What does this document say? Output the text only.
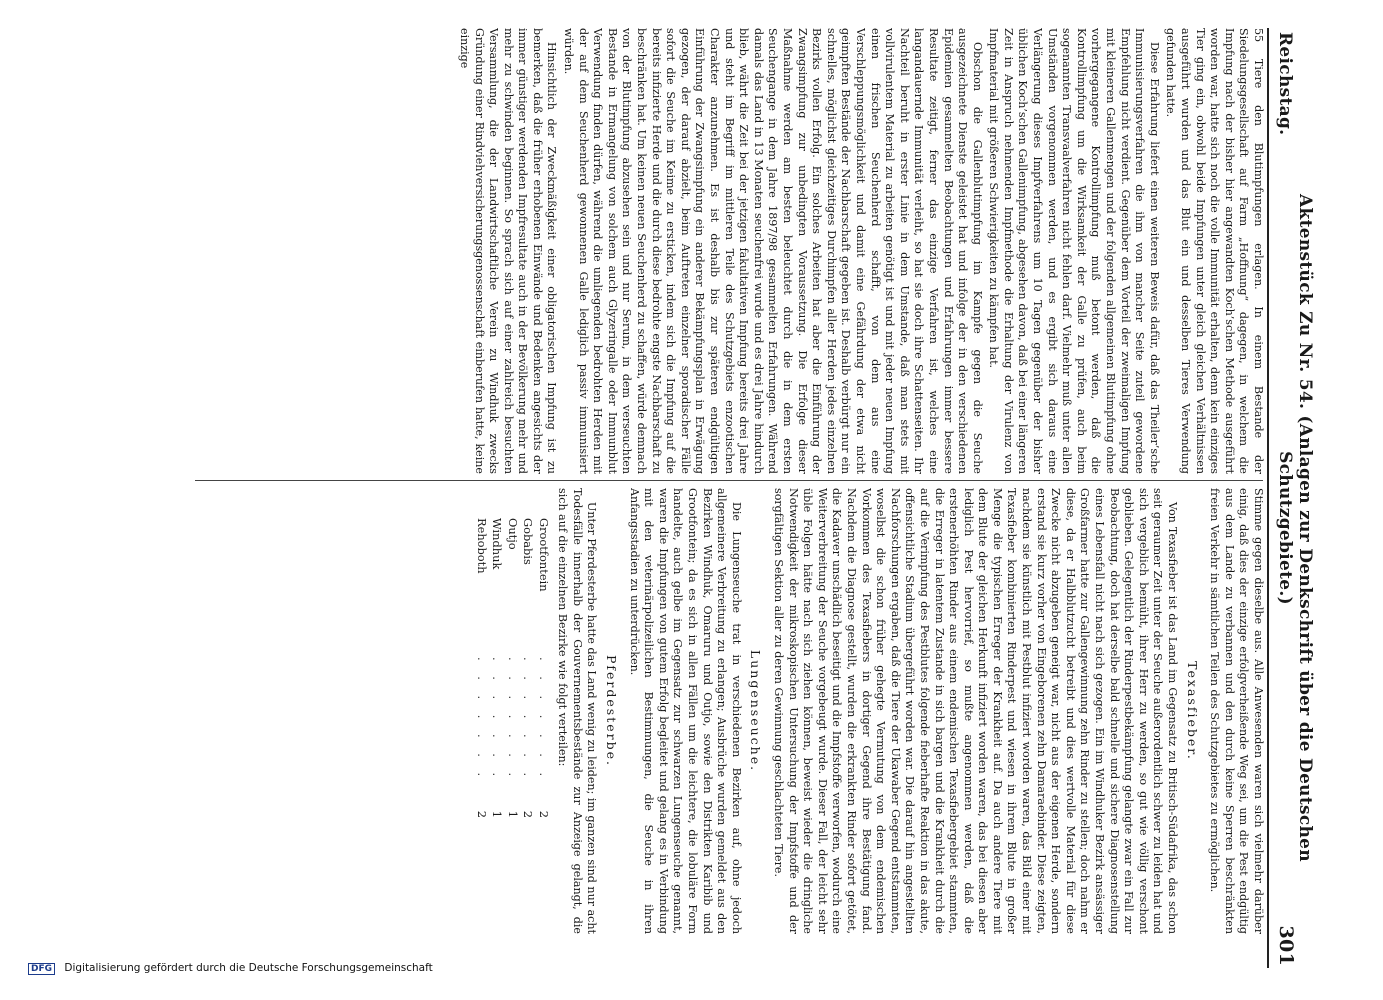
Reichstag.
Aktenstück Zu Nr. 54. (Anlagen zur Denkschrift über die Deutschen Schutzgebiete.)
301

55 Tiere den Blutimpfungen erlagen. In einem Bestande der Siedelungsgesellschaft auf Farm „Hoffnung“ dagegen, in welchem die Impfung nach der bisher hier angewandten Koch’schen Methode ausgeführt worden war, hatte sich noch die volle Immunität erhalten, denn kein einziges Tier ging ein, obwohl beide Impfungen unter gleich gleichen Verhältnissen ausgeführt wurden und das Blut ein und desselben Tieres Verwendung gefunden hatte.

Diese Erfahrung liefert einen weiteren Beweis dafür, daß das Theiler’sche Immunisierungsverfahren die ihm von mancher Seite zuteil gewordene Empfehlung nicht verdient. Gegenüber dem Vorteil der zweimaligen Impfung mit kleineren Gallenmengen und der folgenden allgemeinen Blutimpfung ohne vorhergegangene Kontrollimpfung muß betont werden, daß die Kontrollimpfung um die Wirksamkeit der Galle zu prüfen, auch beim sogenannten Transvaalverfahren nicht fehlen darf. Vielmehr muß unter allen Umständen vorgenommen werden, und es ergibt sich daraus eine Verlängerung dieses Impfverfahrens um 10 Tagen gegenüber der bisher üblichen Koch’schen Gallenimpfung, abgesehen davon, daß bei einer längeren Zeit in Anspruch nehmenden Impfmethode die Erhaltung der Virulenz von Impfmaterial mit größeren Schwierigkeiten zu kämpfen hat.

Obschon die Gallenblutimpfung im Kampfe gegen die Seuche ausgezeichnete Dienste geleistet hat und infolge der in den verschiedenen Epidemien gesammelten Beobachtungen und Erfahrungen immer bessere Resultate zeitigt, ferner das einzige Verfahren ist, welches eine langandauernde Immunität verleiht, so hat sie doch ihre Schattenseiten. Ihr Nachteil beruht in erster Linie in dem Umstande, daß man stets mit vollvirulentem Material zu arbeiten genötigt ist und mit jeder neuen Impfung einen frischen Seuchenherd schafft, von dem aus eine Verschleppungsmöglichkeit und damit eine Gefährdung der etwa nicht geimpften Bestände der Nachbarschaft gegeben ist. Deshalb verbürgt nur ein schnelles, möglichst gleichzeitiges Durchimpfen aller Herden jedes einzelnen Bezirks vollen Erfolg. Ein solches Arbeiten hat aber die Einführung der Zwangsimpfung zur unbedingten Voraussetzung. Die Erfolge dieser Maßnahme werden am besten beleuchtet durch die in dem ersten Seuchengange in dem Jahre 1897/98 gesammelten Erfahrungen. Während damals das Land in 13 Monaten seuchenfrei wurde und es drei Jahre hindurch blieb, währt die Zeit bei der jetzigen fakultativen Impfung bereits drei Jahre und steht im Begriff im mittleren Teile des Schutzgebiets enzootischen Charakter anzunehmen. Es ist deshalb bis zur späteren endgültigen Einführung der Zwangsimpfung ein anderer Bekämpfungsplan in Erwägung gezogen, der darauf abzielt, beim Auftreten einzelner sporadischer Fälle sofort die Seuche im Keime zu ersticken, indem sich die Impfung auf die bereits infizierte Herde und die durch diese bedrohte engste Nachbarschaft zu beschränken hat. Um keinen neuen Seuchenherd zu schaffen, würde demnach von der Blutimpfung abzusehen sein und nur Serum, in dem verseuchten Bestande in Ermangelung von solchem auch Glyzeringalle oder Immunblut Verwendung finden dürfen, während die umliegenden bedrohten Herden mit der auf dem Seuchenherd gewonnenen Galle lediglich passiv immunisiert würden.

Hinsichtlich der Zweckmäßigkeit einer obligatorischen Impfung ist zu bemerken, daß die früher erhobenen Einwände und Bedenken angesichts der immer günstiger werdenden Impfresultate auch in der Bevölkerung mehr und mehr zu schwinden beginnen. So sprach sich auf einer zahlreich besuchten Versammlung, die der Landwirtschaftliche Verein zu Windhuk zwecks Gründung einer Rindviehversicherungsgenossenschaft einberufen hatte, keine einzige

Stimme gegen dieselbe aus. Alle Anwesenden waren sich vielmehr darüber einig, daß dies der einzige erfolgverheißende Weg sei, um die Pest endgültig aus dem Lande zu verbannen und den durch keine Sperren beschränkten freien Verkehr in sämtlichen Teilen des Schutzgebietes zu ermöglichen.

Texasfieber.

Von Texasfieber ist das Land im Gegensatz zu Britisch-Südafrika, das schon seit geraumer Zeit unter der Seuche außerordentlich schwer zu leiden hat und sich vergeblich bemüht, ihrer Herr zu werden, so gut wie völlig verschont geblieben. Gelegentlich der Rinderpestbekämpfung gelangte zwar ein Fall zur Beobachtung, doch hat derselbe bald schnelle und sichere Diagnosenstellung eines Lebensfall nicht nach sich gezogen. Ein im Windhuker Bezirk ansässiger Großfarmer hatte zur Gallengewinnung zehn Rinder zu stellen; doch nahm er diese, da er Halbblutzucht betreibt und dies wertvolle Material für diese Zwecke nicht abzugeben geneigt war, nicht aus der eigenen Herde, sondern erstand sie kurz vorher von Eingeborenen zehn Damaraebinder. Diese zeigten, nachdem sie künstlich mit Pestblut infiziert worden waren, das Bild einer mit Texasfieber kombinierten Rinderpest und wiesen in ihrem Blute in großer Menge die typischen Erreger der Krankheit auf. Da auch andere Tiere mit dem Blute der gleichen Herkunft infiziert worden waren, das bei diesen aber lediglich Pest hervorrief, so mußte angenommen werden, daß die erstenerhöhten Rinder aus einem endemischen Texasfiebergebiet stammten, die Erreger in latentem Zustande in sich bargen und die Krankheit durch die auf die Verimpfung des Pestblutes folgende fieberhafte Reaktion in das akute, offensichtliche Stadium übergeführt worden war. Die darauf hin angestellten Nachforschungen ergaben, daß die Tiere der Ukawaber Gegend entstammten, woselbst die schon früher gehegte Vermutung von dem endemischen Vorkommen des Texasfiebers in dortiger Gegend ihre Bestätigung fand. Nachdem die Diagnose gestellt, wurden die erkrankten Rinder sofort getötet, die Kadaver unschädlich beseitigt und die Impfstoffe verworfen, wodurch eine Weiterverbreitung der Seuche vorgebeugt wurde. Dieser Fall, der leicht sehr üble Folgen hätte nach sich ziehen können, beweist wieder die dringliche Notwendigkeit der mikroskopischen Untersuchung der Impfstoffe und der sorgfältigen Sektion aller zu deren Gewinnung geschlachteten Tiere.

Lungenseuche.

Die Lungenseuche trat in verschiedenen Bezirken auf, ohne jedoch allgemeinere Verbreitung zu erlangen; Ausbrüche wurden gemeldet aus den Bezirken Windhuk, Omaruru und Outjo, sowie den Distrikten Karibib und Grootfontein; da es sich in allen Fällen um die leichtere, die lobuläre Form handelte, auch gelbe im Gegensatz zur schwarzen Lungenseuche genannt, waren die Impfungen von gutem Erfolg begleitet und gelang es in Verbindung mit den veterinärpolizeilichen Bestimmungen, die Seuche in ihren Anfangsstadien zu unterdrücken.

Pferdesterbe.

Unter Pferdesterbe hatte das Land wenig zu leiden; im ganzen sind nur acht Todesfälle innerhalb der Gouvernementsbestände zur Anzeige gelangt, die sich auf die einzelnen Bezirke wie folgt verteilen:

Grootfontein
. . . . . . .
2
Gobabis
. . . . . . .
2
Outjo
. . . . . . .
1
Windhuk
. . . . . . .
1
Rehoboth
. . . . . . .
2
DFG Digitalisierung gefördert durch die Deutsche Forschungsgemeinschaft
